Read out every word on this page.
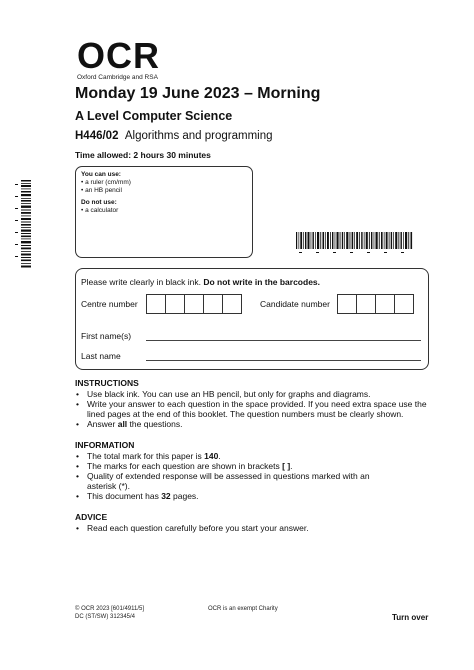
OCR
Oxford Cambridge and RSA
Monday 19 June 2023 – Morning
A Level Computer Science
H446/02 Algorithms and programming
Time allowed: 2 hours 30 minutes
You can use:
• a ruler (cm/mm)
• an HB pencil
Do not use:
• a calculator
Please write clearly in black ink. Do not write in the barcodes.
Centre number	Candidate number
First name(s)
Last name
INSTRUCTIONS
• Use black ink. You can use an HB pencil, but only for graphs and diagrams.
• Write your answer to each question in the space provided. If you need extra space use the lined pages at the end of this booklet. The question numbers must be clearly shown.
• Answer all the questions.
INFORMATION
• The total mark for this paper is 140.
• The marks for each question are shown in brackets [ ].
• Quality of extended response will be assessed in questions marked with an asterisk (*).
• This document has 32 pages.
ADVICE
• Read each question carefully before you start your answer.
© OCR 2023 [601/4911/5]
DC (ST/SW) 312345/4
OCR is an exempt Charity
Turn over
